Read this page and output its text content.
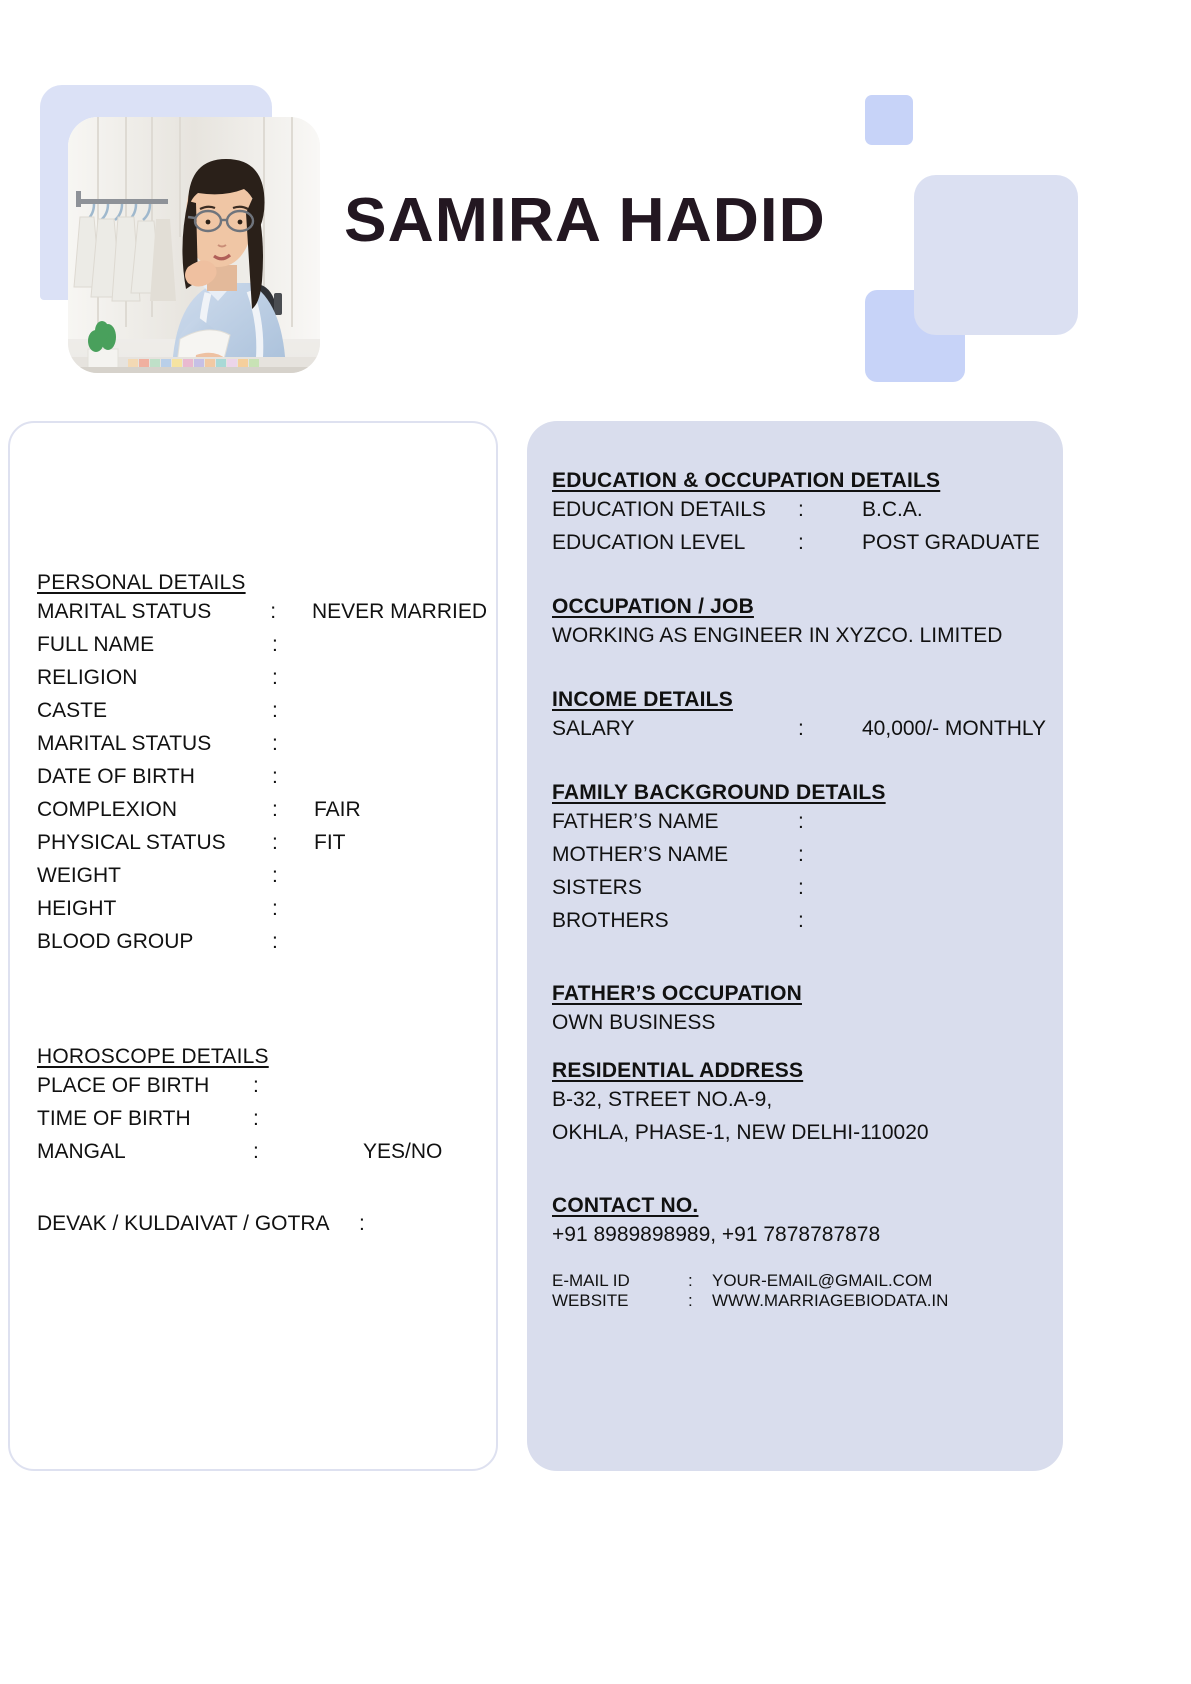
SAMIRA HADID
PERSONAL DETAILS
MARITAL STATUS	:	NEVER MARRIED
FULL NAME	:
RELIGION	:
CASTE	:
MARITAL STATUS	:
DATE OF BIRTH	:
COMPLEXION	:	FAIR
PHYSICAL STATUS	:	FIT
WEIGHT	:
HEIGHT	:
BLOOD GROUP	:
HOROSCOPE DETAILS
PLACE OF BIRTH	:
TIME OF BIRTH	:
MANGAL	:	YES/NO
DEVAK / KULDAIVAT / GOTRA	:
EDUCATION & OCCUPATION DETAILS
EDUCATION DETAILS	:	B.C.A.
EDUCATION LEVEL	:	POST GRADUATE
OCCUPATION / JOB
WORKING AS ENGINEER IN XYZCO. LIMITED
INCOME DETAILS
SALARY	:	40,000/- MONTHLY
FAMILY BACKGROUND DETAILS
FATHER’S NAME	:
MOTHER’S NAME	:
SISTERS	:
BROTHERS	:
FATHER’S OCCUPATION
OWN BUSINESS
RESIDENTIAL ADDRESS
B-32, STREET NO.A-9,
OKHLA, PHASE-1, NEW DELHI-110020
CONTACT NO.
+91 8989898989, +91 7878787878
E-MAIL ID	:	YOUR-EMAIL@GMAIL.COM
WEBSITE	:	WWW.MARRIAGEBIODATA.IN
